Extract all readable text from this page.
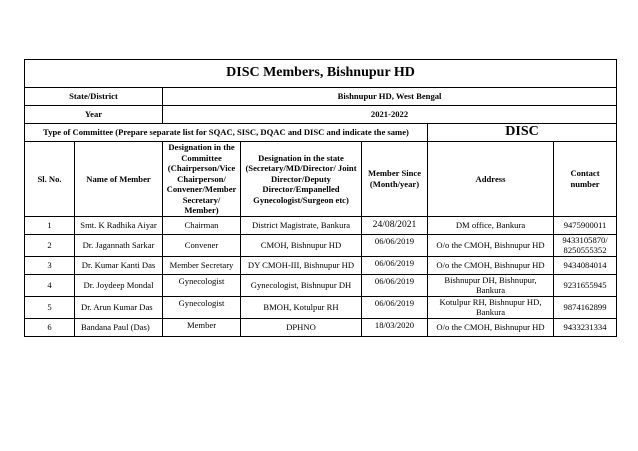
DISC Members, Bishnupur HD						
State/District		Bishnupur HD, West Bengal				
Year		2021-2022				
Type of Committee (Prepare separate list for SQAC, SISC, DQAC and DISC and indicate the same)					DISC	
Sl. No.	Name of Member	Designation in the Committee (Chairperson/Vice Chairperson/ Convener/Member Secretary/ Member)	Designation in the state (Secretary/MD/Director/ Joint Director/Deputy Director/Empanelled Gynecologist/Surgeon etc)	Member Since (Month/year)	Address	Contact number
1	Smt. K Radhika Aiyar	Chairman	District Magistrate, Bankura	24/08/2021	DM office, Bankura	9475900011
2	Dr. Jagannath Sarkar	Convener	CMOH, Bishnupur HD	06/06/2019	O/o the CMOH, Bishnupur HD	9433105870/ 8250555352
3	Dr. Kumar Kanti Das	Member Secretary	DY CMOH-III, Bishnupur HD	06/06/2019	O/o the CMOH, Bishnupur HD	9434084014
4	Dr. Joydeep Mondal	Gynecologist	Gynecologist, Bishnupur DH	06/06/2019	Bishnupur DH, Bishnupur, Bankura	9231655945
5	Dr. Arun Kumar Das	Gynecologist	BMOH, Kotulpur RH	06/06/2019	Kotulpur RH, Bishnupur HD, Bankura	9874162899
6	Bandana Paul (Das)	Member	DPHNO	18/03/2020	O/o the CMOH, Bishnupur HD	9433231334
